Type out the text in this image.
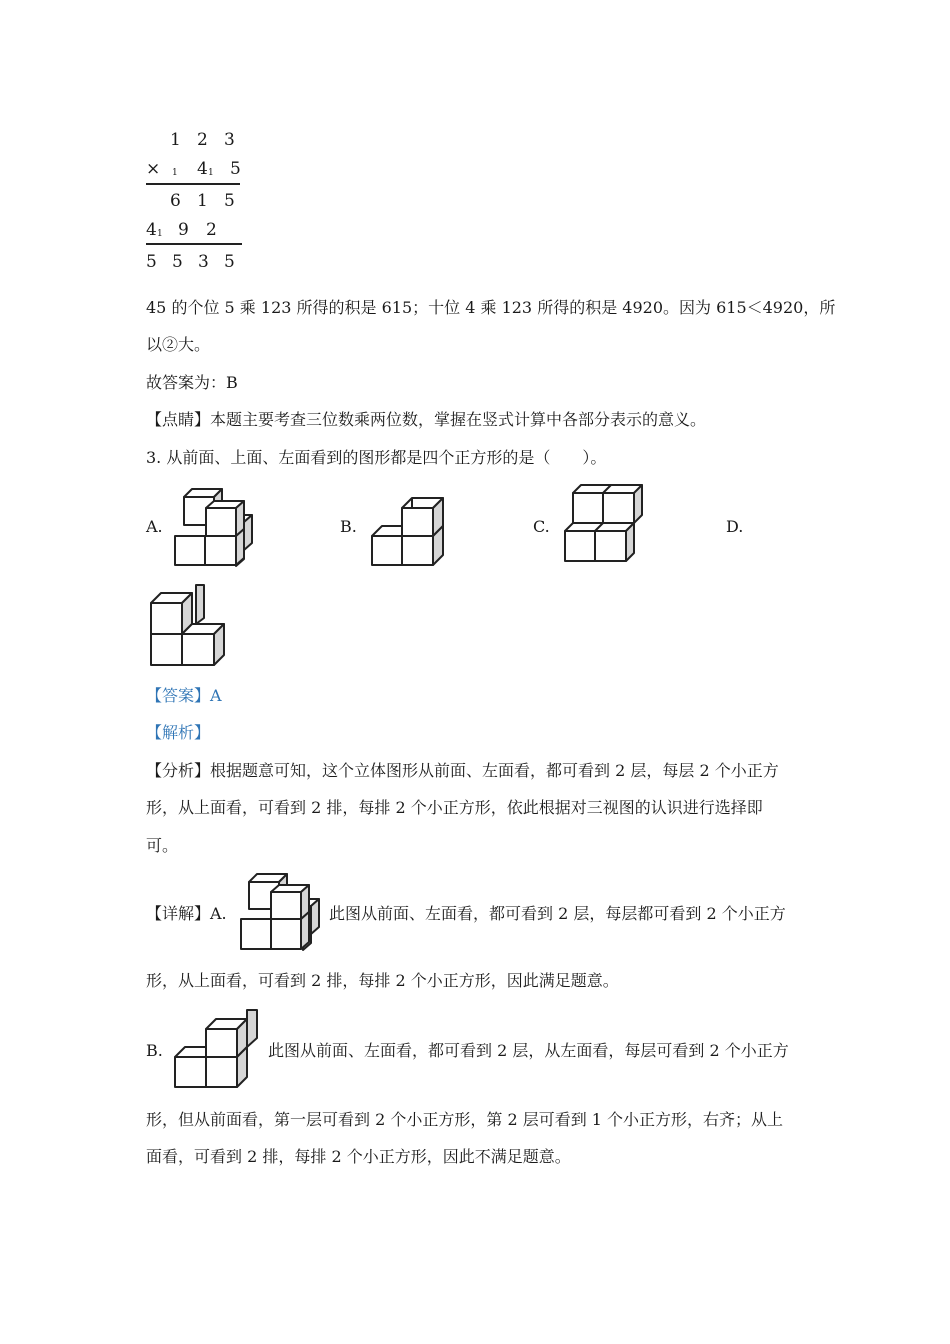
1 2 3
× 1 4 1 5
6 1 5
4 1 9 2
5 5 3 5
45 的个位 5 乘 123 所得的积是 615；十位 4 乘 123 所得的积是 4920。因为 615＜4920，所
以②大。
故答案为：B
【点睛】本题主要考查三位数乘两位数，掌握在竖式计算中各部分表示的意义。
3. 从前面、上面、左面看到的图形都是四个正方形的是（　　）。
A.	B.	C.	D.
【答案】A
【解析】
【分析】根据题意可知，这个立体图形从前面、左面看，都可看到 2 层，每层 2 个小正方
形，从上面看，可看到 2 排，每排 2 个小正方形，依此根据对三视图的认识进行选择即
可。
【详解】A.	此图从前面、左面看，都可看到 2 层，每层都可看到 2 个小正方
形，从上面看，可看到 2 排，每排 2 个小正方形，因此满足题意。
B.	此图从前面、左面看，都可看到 2 层，从左面看，每层可看到 2 个小正方
形，但从前面看，第一层可看到 2 个小正方形，第 2 层可看到 1 个小正方形，右齐；从上
面看，可看到 2 排，每排 2 个小正方形，因此不满足题意。
